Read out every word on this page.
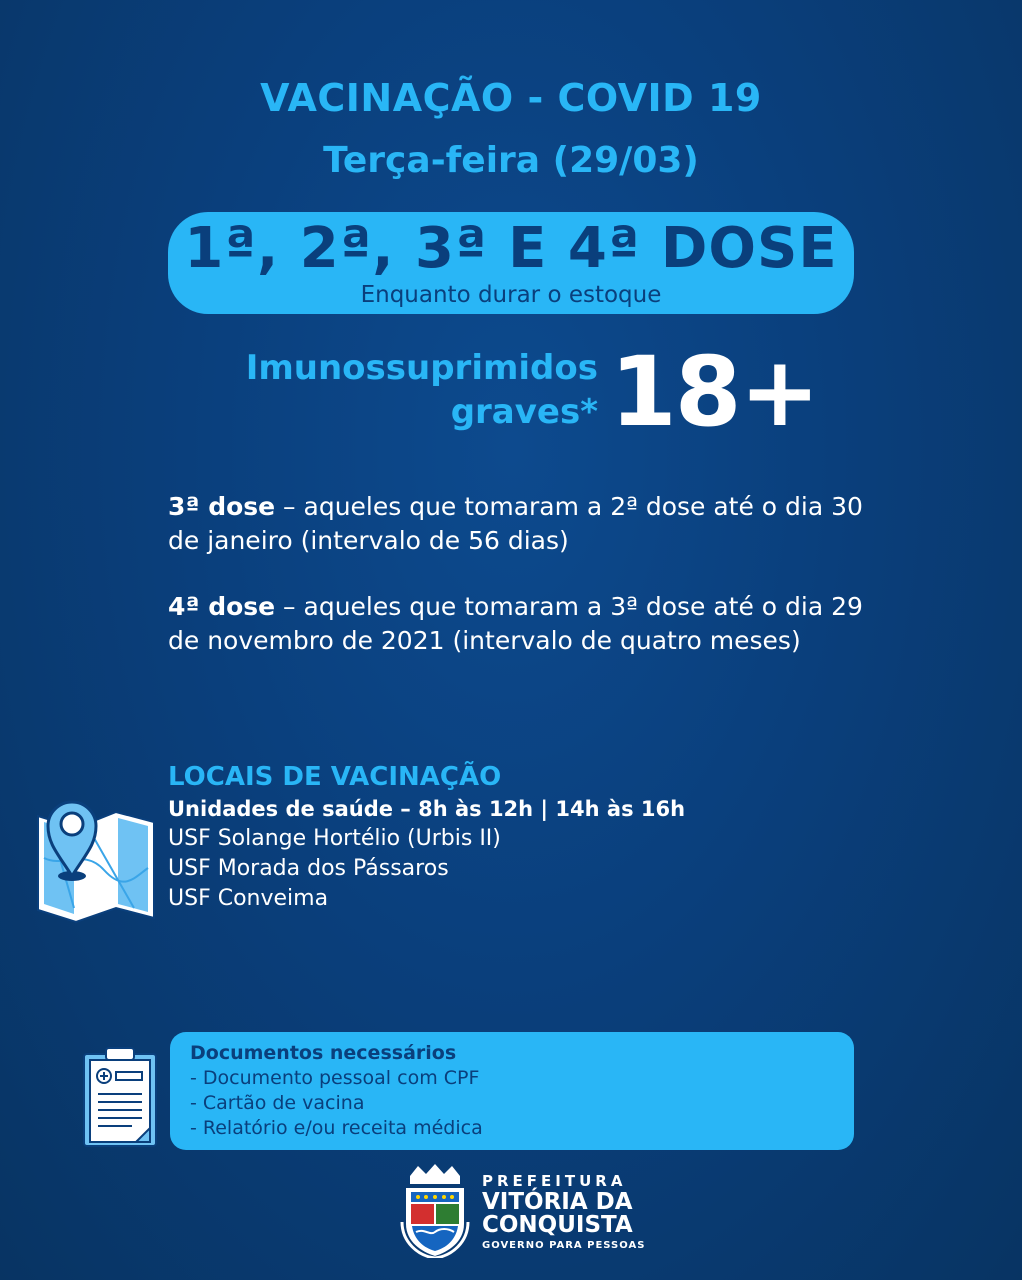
VACINAÇÃO - COVID 19
Terça-feira (29/03)
1ª, 2ª, 3ª E 4ª DOSE
Enquanto durar o estoque
Imunossuprimidos
graves* 18+
3ª dose – aqueles que tomaram a 2ª dose até o dia 30
de janeiro (intervalo de 56 dias)
4ª dose – aqueles que tomaram a 3ª dose até o dia 29
de novembro de 2021 (intervalo de quatro meses)
LOCAIS DE VACINAÇÃO
Unidades de saúde – 8h às 12h | 14h às 16h
USF Solange Hortélio (Urbis II)
USF Morada dos Pássaros
USF Conveima
Documentos necessários
- Documento pessoal com CPF
- Cartão de vacina
- Relatório e/ou receita médica
PREFEITURA
VITÓRIA DA
CONQUISTA
GOVERNO PARA PESSOAS
